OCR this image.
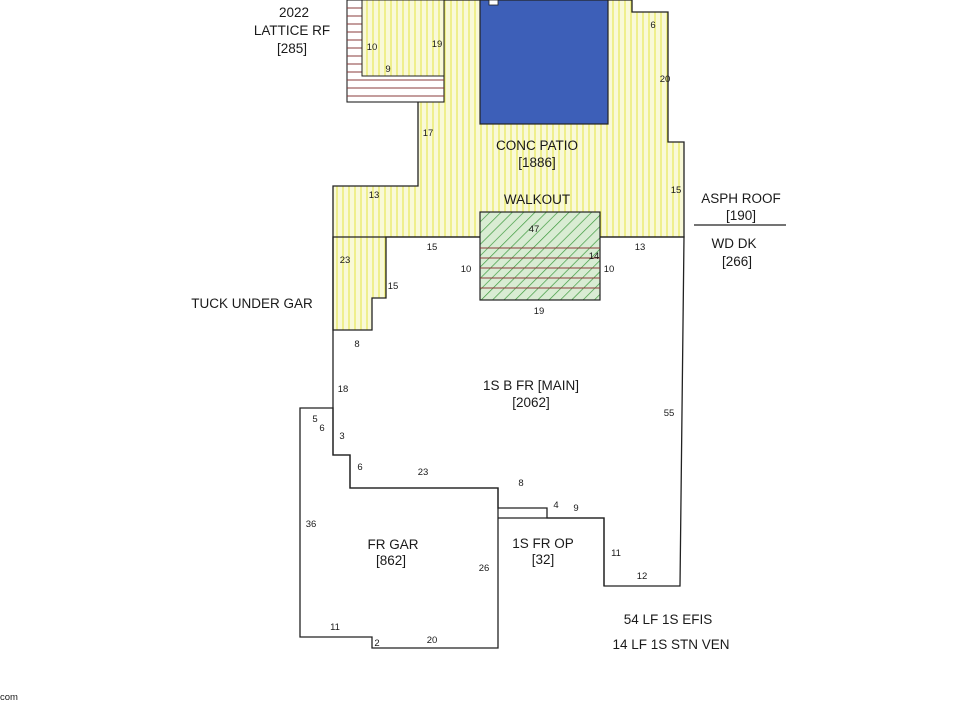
2022
LATTICE RF
[285]
CONC PATIO
[1886]
WALKOUT	ASPH ROOF
[190]
WD DK
[266]
TUCK UNDER GAR
1S B FR [MAIN]
[2062]
FR GAR
[862]
1S FR OP
[32]
54 LF 1S EFIS
14 LF 1S STN VEN
com
10	19
9
6
20
17
15
13
23
15
15
47
14
10	10
19
13
8
18
55
3
6	23
8
4 9
5
6
36
26
11
2	20
11
12
